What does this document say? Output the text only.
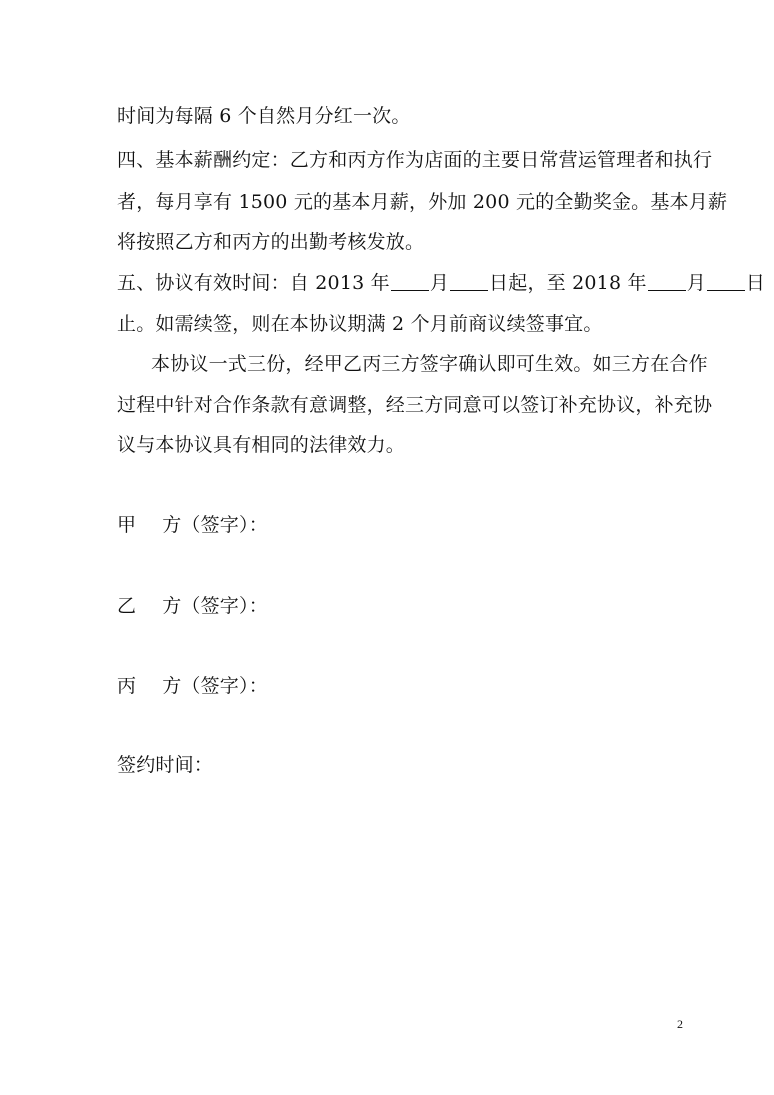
时间为每隔 6 个自然月分红一次。
四、基本薪酬约定：乙方和丙方作为店面的主要日常营运管理者和执行
者，每月享有 1500 元的基本月薪，外加 200 元的全勤奖金。基本月薪
将按照乙方和丙方的出勤考核发放。
五、协议有效时间：自 2013 年 月 日起，至 2018 年 月 日
止。如需续签，则在本协议期满 2 个月前商议续签事宜。
本协议一式三份，经甲乙丙三方签字确认即可生效。如三方在合作
过程中针对合作条款有意调整，经三方同意可以签订补充协议，补充协
议与本协议具有相同的法律效力。
甲 方（签字）：
乙 方（签字）：
丙 方（签字）：
签约时间：
2
